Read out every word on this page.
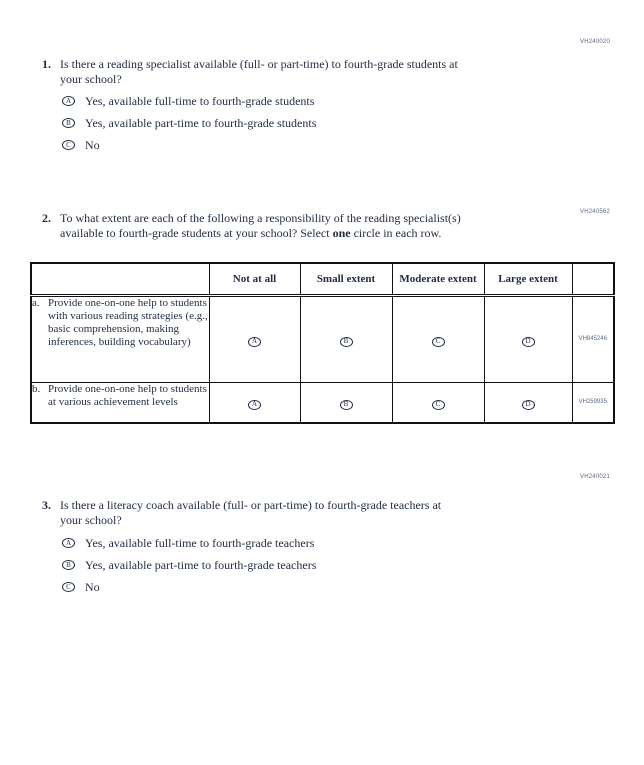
VH240020
1. Is there a reading specialist available (full- or part-time) to fourth-grade students at
your school?
A Yes, available full-time to fourth-grade students
B Yes, available part-time to fourth-grade students
C No
VH240562
2. To what extent are each of the following a responsibility of the reading specialist(s)
available to fourth-grade students at your school? Select one circle in each row.
	Not at all	Small extent	Moderate extent	Large extent	

a. Provide one-on-one help to students with various reading strategies (e.g., basic comprehension, making inferences, building vocabulary)	A	B	C	D	VH845246

b. Provide one-on-one help to students at various achievement levels	A	B	C	D	VH259935
VH240021
3. Is there a literacy coach available (full- or part-time) to fourth-grade teachers at
your school?
A Yes, available full-time to fourth-grade teachers
B Yes, available part-time to fourth-grade teachers
C No
